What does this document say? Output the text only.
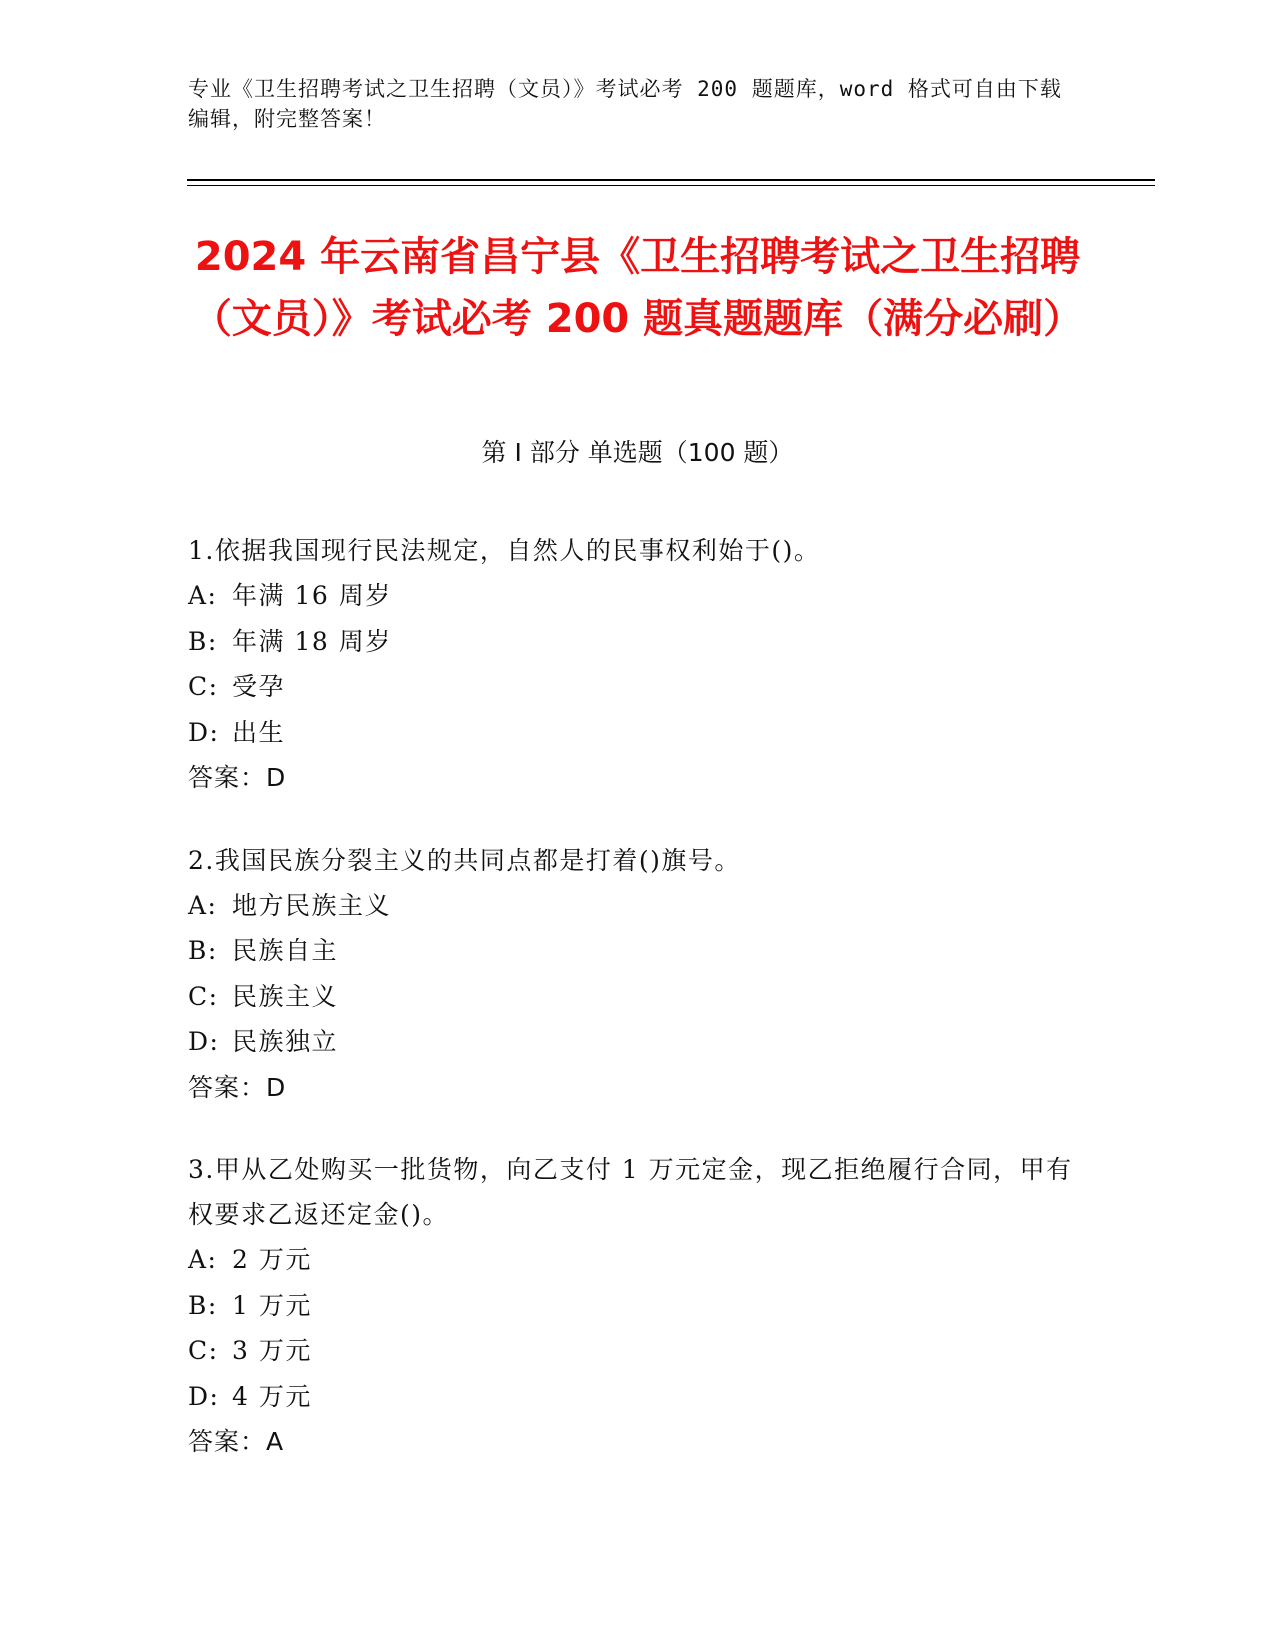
专业《卫生招聘考试之卫生招聘（文员）》考试必考 200 题题库，word 格式可自由下载编辑，附完整答案！
2024 年云南省昌宁县《卫生招聘考试之卫生招聘（文员）》考试必考 200 题真题题库（满分必刷）
第 I 部分 单选题（100 题）
1.依据我国现行民法规定，自然人的民事权利始于()。
A: 年满 16 周岁
B: 年满 18 周岁
C: 受孕
D: 出生
答案：D
2.我国民族分裂主义的共同点都是打着()旗号。
A: 地方民族主义
B: 民族自主
C: 民族主义
D: 民族独立
答案：D
3.甲从乙处购买一批货物，向乙支付 1 万元定金，现乙拒绝履行合同，甲有权要求乙返还定金()。
A: 2 万元
B: 1 万元
C: 3 万元
D: 4 万元
答案：A
